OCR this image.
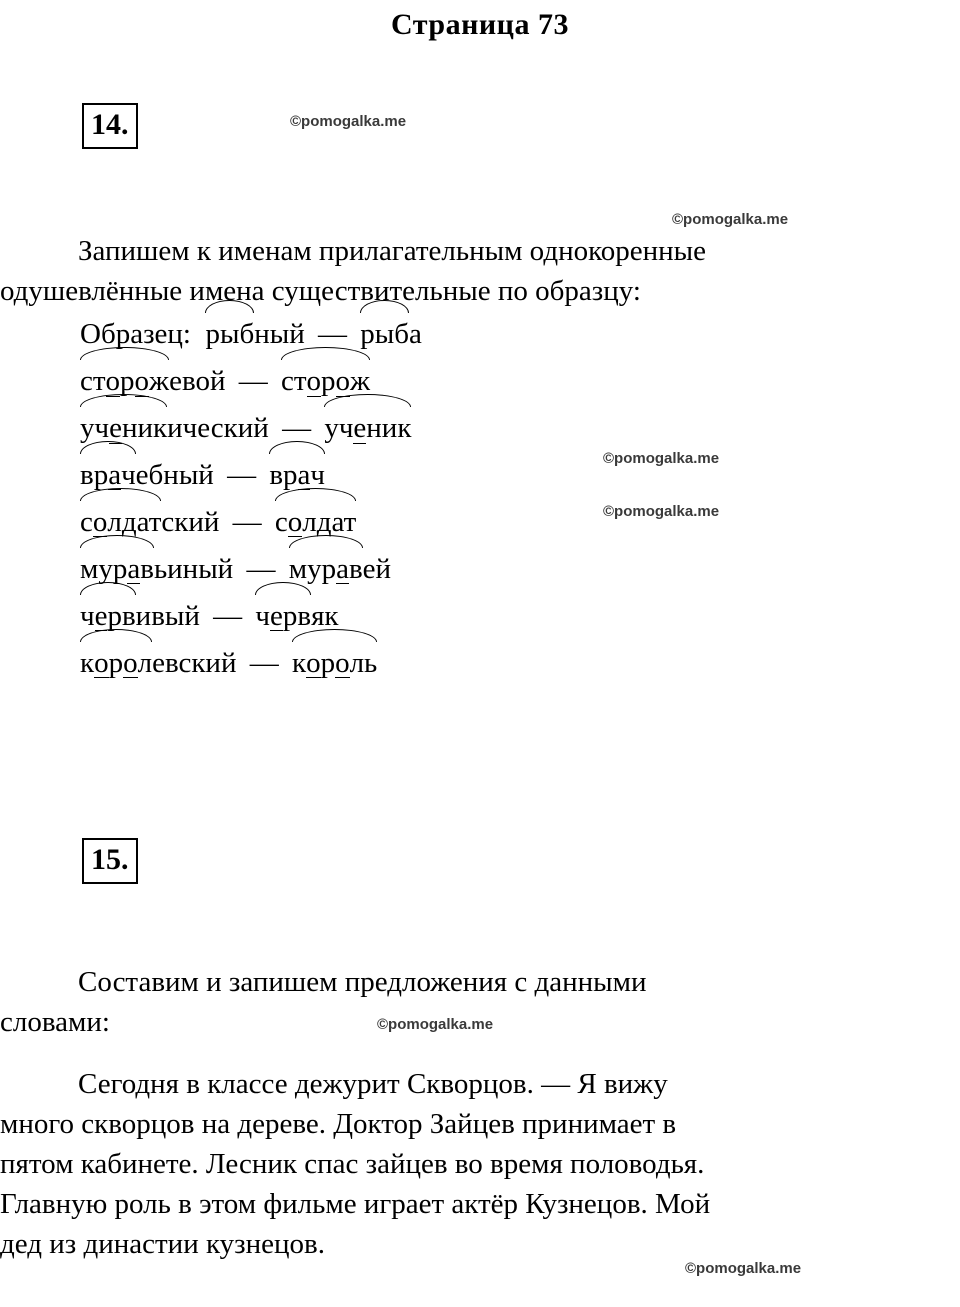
Страница 73
14.
Запишем к именам прилагательным однокоренные
одушевлённые имена существительные по образцу:
Образец: рыбный — рыба
сторожевой — сторож
ученикический — ученик
врачебный — врач
солдатский — солдат
муравьиный — муравей
червивый — червяк
королевский — король
15.
Составим и запишем предложения с данными
словами:
Сегодня в классе дежурит Скворцов. — Я вижу
много скворцов на дереве. Доктор Зайцев принимает в
пятом кабинете. Лесник спас зайцев во время половодья.
Главную роль в этом фильме играет актёр Кузнецов. Мой
дед из династии кузнецов.
©pomogalka.me
©pomogalka.me
©pomogalka.me
©pomogalka.me
©pomogalka.me
©pomogalka.me
